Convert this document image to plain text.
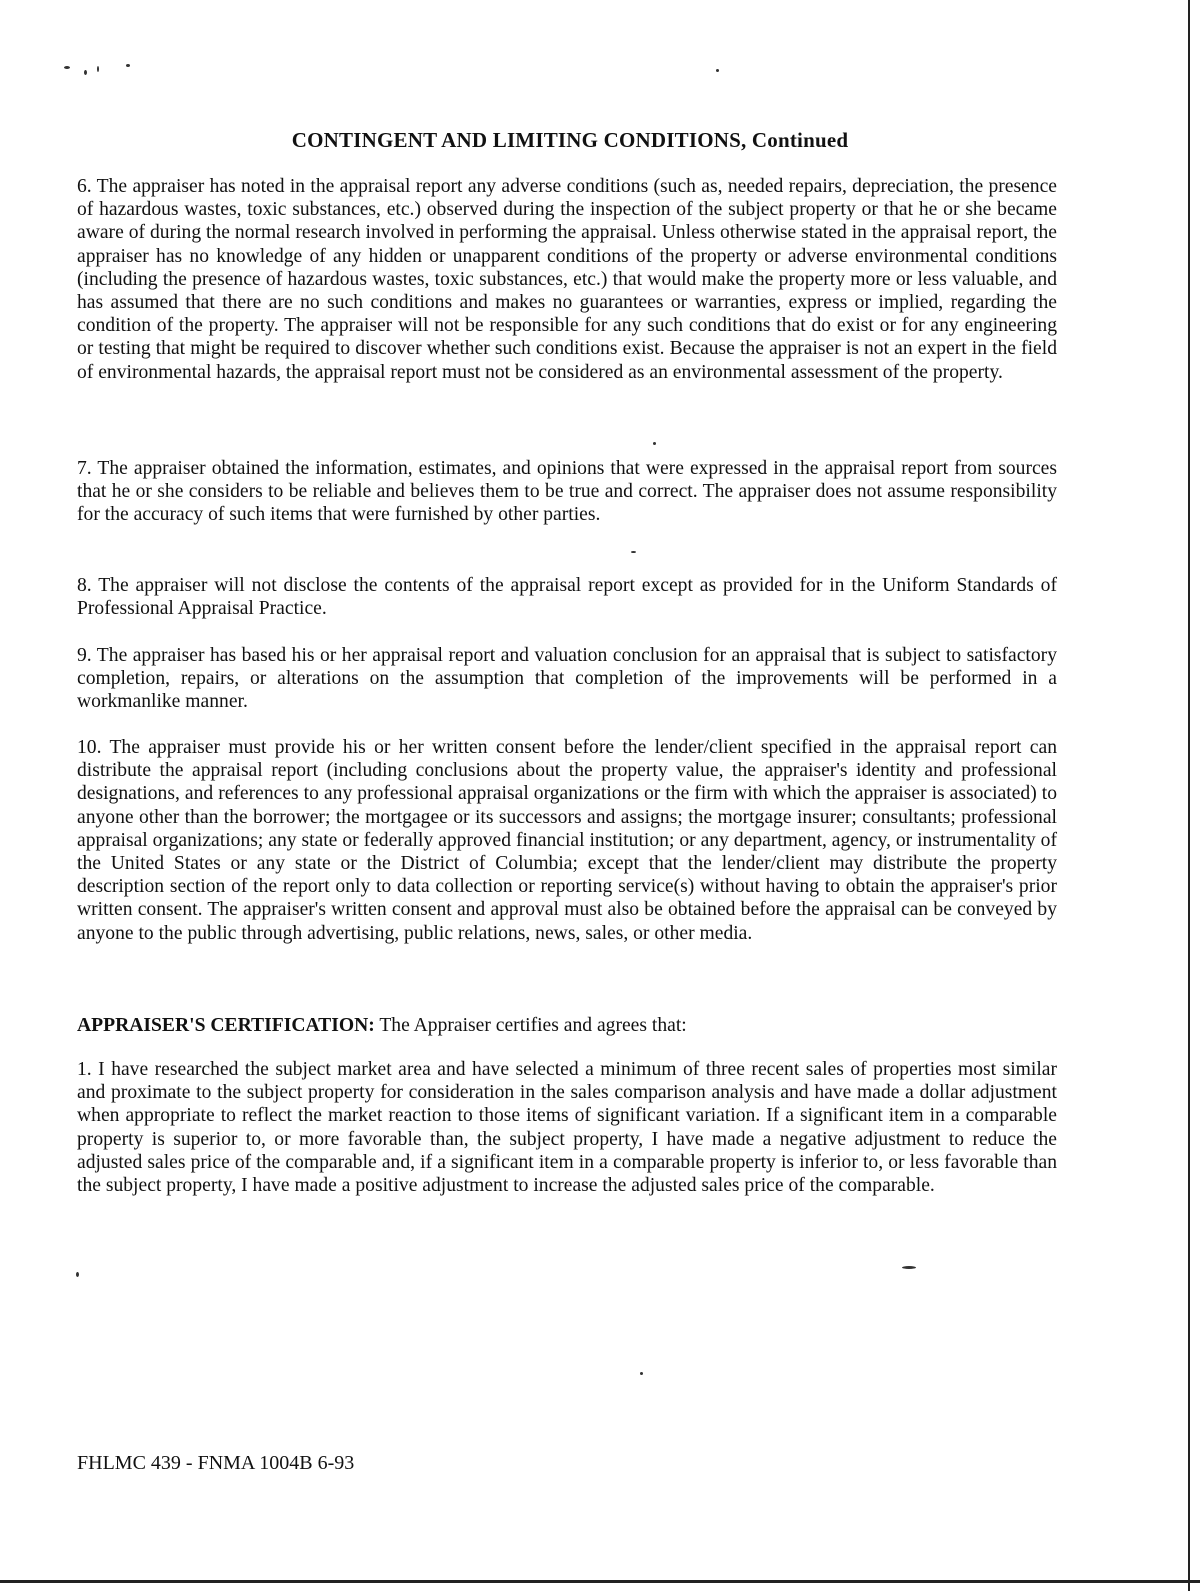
CONTINGENT AND LIMITING CONDITIONS, Continued

6. The appraiser has noted in the appraisal report any adverse conditions (such as, needed repairs, depreciation, the presence of hazardous wastes, toxic substances, etc.) observed during the inspection of the subject property or that he or she became aware of during the normal research involved in performing the appraisal. Unless otherwise stated in the appraisal report, the appraiser has no knowledge of any hidden or unapparent conditions of the property or adverse environmental conditions (including the presence of hazardous wastes, toxic substances, etc.) that would make the property more or less valuable, and has assumed that there are no such conditions and makes no guarantees or warranties, express or implied, regarding the condition of the property. The appraiser will not be responsible for any such conditions that do exist or for any engineering or testing that might be required to discover whether such conditions exist. Because the appraiser is not an expert in the field of environmental hazards, the appraisal report must not be considered as an environmental assessment of the property.

7. The appraiser obtained the information, estimates, and opinions that were expressed in the appraisal report from sources that he or she considers to be reliable and believes them to be true and correct. The appraiser does not assume responsibility for the accuracy of such items that were furnished by other parties.

8. The appraiser will not disclose the contents of the appraisal report except as provided for in the Uniform Standards of Professional Appraisal Practice.

9. The appraiser has based his or her appraisal report and valuation conclusion for an appraisal that is subject to satisfactory completion, repairs, or alterations on the assumption that completion of the improvements will be performed in a workmanlike manner.

10. The appraiser must provide his or her written consent before the lender/client specified in the appraisal report can distribute the appraisal report (including conclusions about the property value, the appraiser's identity and professional designations, and references to any professional appraisal organizations or the firm with which the appraiser is associated) to anyone other than the borrower; the mortgagee or its successors and assigns; the mortgage insurer; consultants; professional appraisal organizations; any state or federally approved financial institution; or any department, agency, or instrumentality of the United States or any state or the District of Columbia; except that the lender/client may distribute the property description section of the report only to data collection or reporting service(s) without having to obtain the appraiser's prior written consent. The appraiser's written consent and approval must also be obtained before the appraisal can be conveyed by anyone to the public through advertising, public relations, news, sales, or other media.

APPRAISER'S CERTIFICATION: The Appraiser certifies and agrees that:

1. I have researched the subject market area and have selected a minimum of three recent sales of properties most similar and proximate to the subject property for consideration in the sales comparison analysis and have made a dollar adjustment when appropriate to reflect the market reaction to those items of significant variation. If a significant item in a comparable property is superior to, or more favorable than, the subject property, I have made a negative adjustment to reduce the adjusted sales price of the comparable and, if a significant item in a comparable property is inferior to, or less favorable than the subject property, I have made a positive adjustment to increase the adjusted sales price of the comparable.

FHLMC 439 - FNMA 1004B 6-93
